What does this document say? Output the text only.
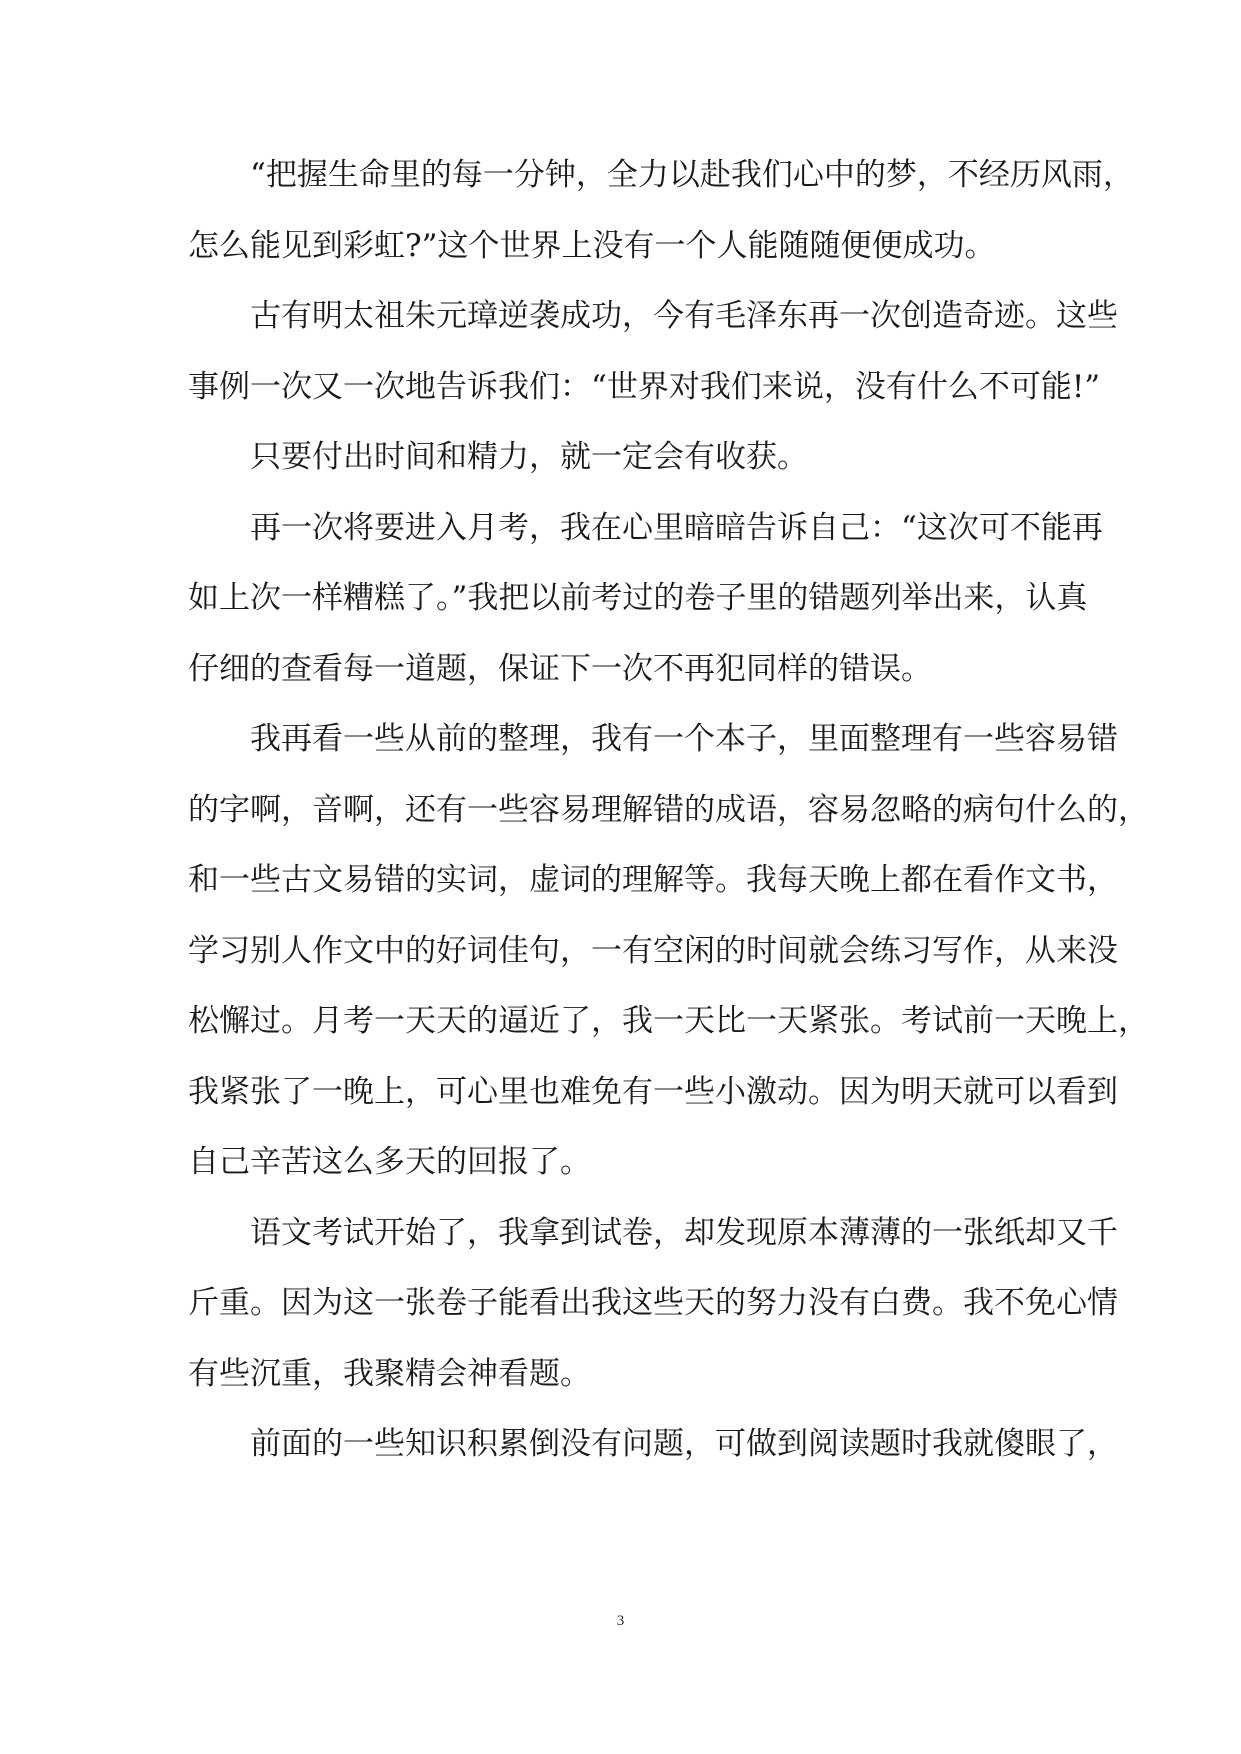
“把握生命里的每一分钟，全力以赴我们心中的梦，不经历风雨，
怎么能见到彩虹?”这个世界上没有一个人能随随便便成功。
古有明太祖朱元璋逆袭成功，今有毛泽东再一次创造奇迹。这些
事例一次又一次地告诉我们：“世界对我们来说，没有什么不可能!”
只要付出时间和精力，就一定会有收获。
再一次将要进入月考，我在心里暗暗告诉自己：“这次可不能再
如上次一样糟糕了。”我把以前考过的卷子里的错题列举出来，认真
仔细的查看每一道题，保证下一次不再犯同样的错误。
我再看一些从前的整理，我有一个本子，里面整理有一些容易错
的字啊，音啊，还有一些容易理解错的成语，容易忽略的病句什么的，
和一些古文易错的实词，虚词的理解等。我每天晚上都在看作文书，
学习别人作文中的好词佳句，一有空闲的时间就会练习写作，从来没
松懈过。月考一天天的逼近了，我一天比一天紧张。考试前一天晚上，
我紧张了一晚上，可心里也难免有一些小激动。因为明天就可以看到
自己辛苦这么多天的回报了。
语文考试开始了，我拿到试卷，却发现原本薄薄的一张纸却又千
斤重。因为这一张卷子能看出我这些天的努力没有白费。我不免心情
有些沉重，我聚精会神看题。
前面的一些知识积累倒没有问题，可做到阅读题时我就傻眼了，
3
